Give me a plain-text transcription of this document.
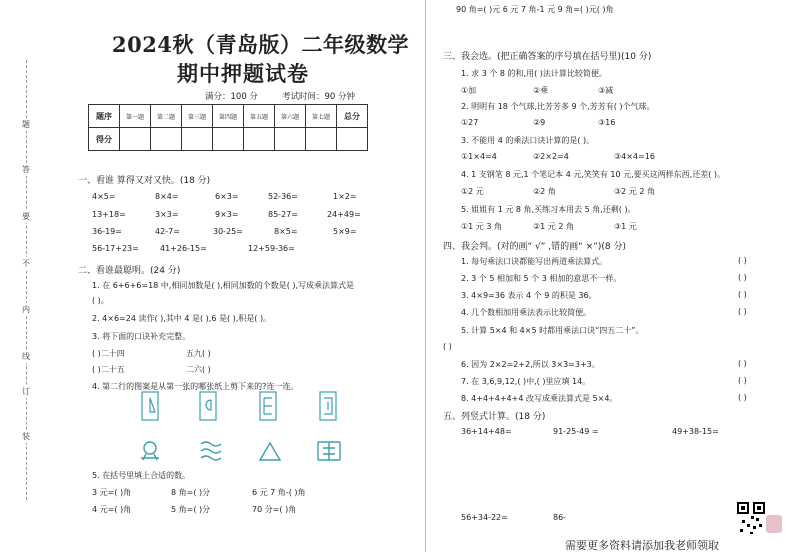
题
答
要
不
内
线
订
装
2024秋（青岛版）二年级数学
期中押题试卷
满分：100 分	考试时间：90 分钟
题序	第一题	第二题	第三题	第四题	第五题	第六题	第七题	总分
得分								
一、看谁 算得又对又快。(18 分)
4×5=	8×4=	6×3=	52-36=	1×2=
13+18=	3×3=	9×3=	85-27=	24+49=
36-19=	42-7=	30-25=	8×5=	5×9=
56-17+23=	41+26-15=	12+59-36=
二、看谁最聪明。(24 分)
1. 在 6+6+6=18 中,相同加数是( ),相同加数的个数是( ),写成乘法算式是
( )。
2. 4×6=24 读作( ),其中 4 是( ),6 是( ),积是( )。
3. 将下面的口诀补充完整。
( )二十四	五九( )
( )二十五	二六( )
4. 第二行的图案是从第一张的哪张纸上剪下来的?连一连。
5. 在括号里填上合适的数。
3 元=( )角	8 角=( )分	6 元 7 角-( )角
4 元=( )角	5 角=( )分	70 分=( )角
90 角=( )元 6 元 7 角-1 元 9 角=( )元( )角
三、我会选。(把正确答案的序号填在括号里)(10 分)
1. 求 3 个 8 的和,用( )法计算比较简便。
①加	②乘	③减
2. 明明有 18 个气球,比芳芳多 9 个,芳芳有( )个气球。
①27	②9	③16
3. 不能用 4 的乘法口诀计算的是( )。
①1×4=4	②2×2=4	③4×4=16
4. 1 支钢笔 8 元,1 个笔记本 4 元,笑笑有 10 元,要买这两样东西,还差( )。
①2 元	②2 角	③2 元 2 角
5. 姐姐有 1 元 8 角,买练习本用去 5 角,还剩( )。
①1 元 3 角	②1 元 2 角	③1 元
四、我会判。(对的画“ √” ,错的画“ ×”)(8 分)
1. 每句乘法口诀都能写出两道乘法算式。	( )
2. 3 个 5 相加和 5 个 3 相加的意思不一样。	( )
3. 4×9=36 表示 4 个 9 的积是 36。	( )
4. 几个数相加用乘法表示比较简便。	( )
5. 计算 5×4 和 4×5 时都用乘法口诀“四五二十”。
( )
6. 因为 2×2=2+2,所以 3×3=3+3。	( )
7. 在 3,6,9,12,( )中,( )里应填 14。	( )
8. 4+4+4+4+4 改写成乘法算式是 5×4。	( )
五、列竖式计算。(18 分)
36+14+48=	91-25-49 =	49+38-15=
56+34-22=	86-
需要更多资料请添加我老师领取
